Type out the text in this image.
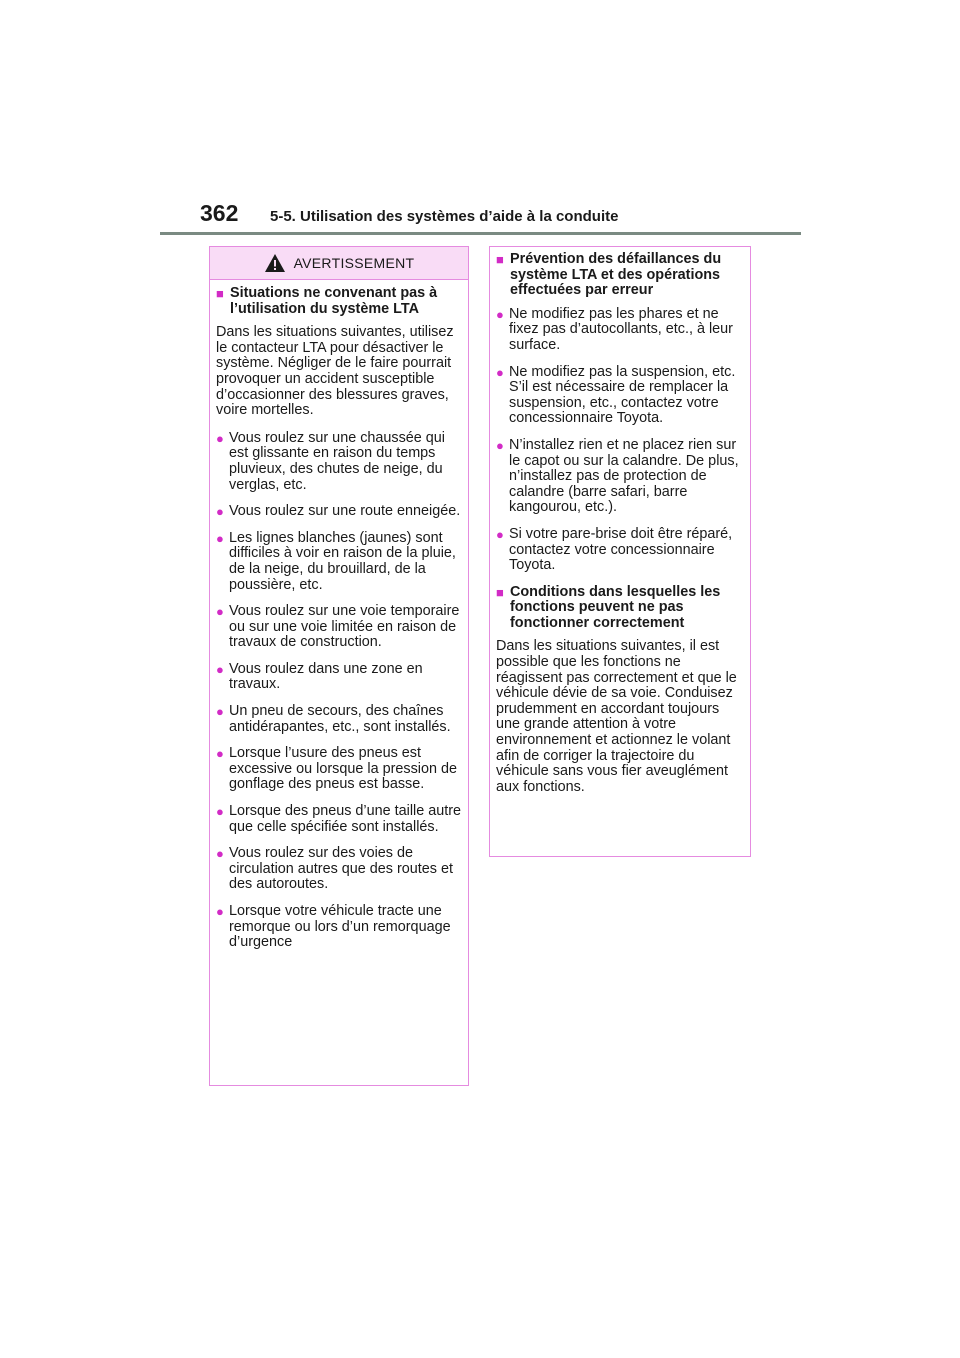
362 5-5. Utilisation des systèmes d’aide à la conduite
AVERTISSEMENT
■ Situations ne convenant pas à l’utilisation du système LTA
Dans les situations suivantes, utilisez le contacteur LTA pour désactiver le système. Négliger de le faire pourrait provoquer un accident susceptible d’occasionner des blessures graves, voire mortelles.
● Vous roulez sur une chaussée qui est glissante en raison du temps pluvieux, des chutes de neige, du verglas, etc.
● Vous roulez sur une route enneigée.
● Les lignes blanches (jaunes) sont difficiles à voir en raison de la pluie, de la neige, du brouillard, de la poussière, etc.
● Vous roulez sur une voie temporaire ou sur une voie limitée en raison de travaux de construction.
● Vous roulez dans une zone en travaux.
● Un pneu de secours, des chaînes antidérapantes, etc., sont installés.
● Lorsque l’usure des pneus est excessive ou lorsque la pression de gonflage des pneus est basse.
● Lorsque des pneus d’une taille autre que celle spécifiée sont installés.
● Vous roulez sur des voies de circulation autres que des routes et des autoroutes.
● Lorsque votre véhicule tracte une remorque ou lors d’un remorquage d’urgence
■ Prévention des défaillances du système LTA et des opérations effectuées par erreur
● Ne modifiez pas les phares et ne fixez pas d’autocollants, etc., à leur surface.
● Ne modifiez pas la suspension, etc. S’il est nécessaire de remplacer la suspension, etc., contactez votre concessionnaire Toyota.
● N’installez rien et ne placez rien sur le capot ou sur la calandre. De plus, n’installez pas de protection de calandre (barre safari, barre kangourou, etc.).
● Si votre pare-brise doit être réparé, contactez votre concessionnaire Toyota.
■ Conditions dans lesquelles les fonctions peuvent ne pas fonctionner correctement
Dans les situations suivantes, il est possible que les fonctions ne réagissent pas correctement et que le véhicule dévie de sa voie. Conduisez prudemment en accordant toujours une grande attention à votre environnement et actionnez le volant afin de corriger la trajectoire du véhicule sans vous fier aveuglément aux fonctions.
